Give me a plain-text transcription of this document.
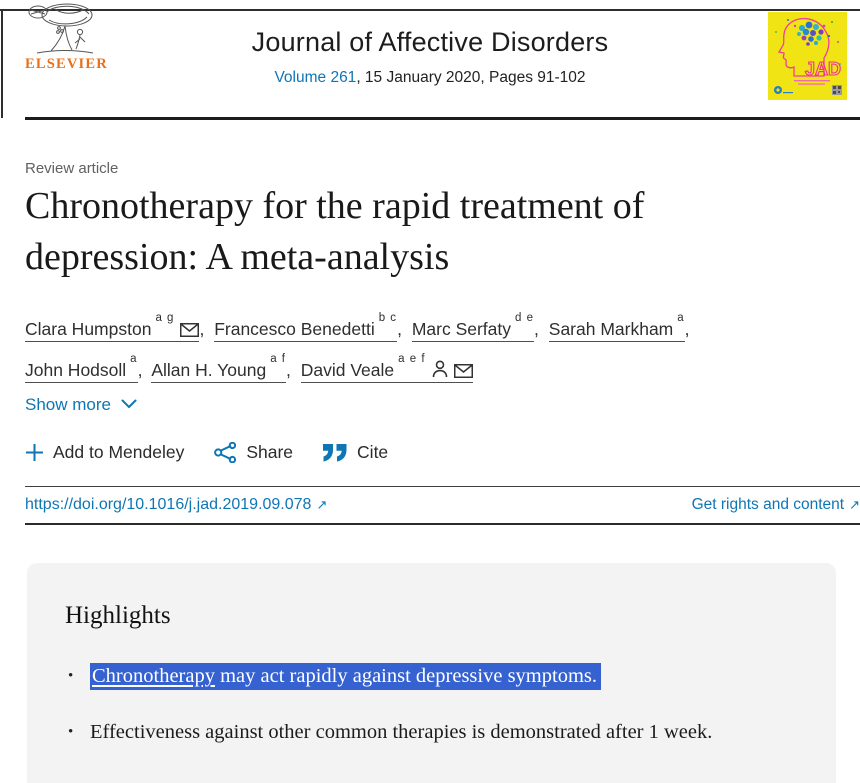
ELSEVIER
Journal of Affective Disorders
Volume 261, 15 January 2020, Pages 91-102	JAD
Review article
Chronotherapy for the rapid treatment of depression: A meta-analysis
Clara Humpston$^{a g}$, Francesco Benedetti$^{b c}$, Marc Serfaty$^{d e}$, Sarah Markham$^a$,
John Hodsoll$^a$, Allan H. Young$^{a f}$, David Veale$^{a e f}$
Show more
Add to Mendeley	Share	Cite
https://doi.org/10.1016/j.jad.2019.09.078 ↗	Get rights and content ↗
Highlights
• Chronotherapy may act rapidly against depressive symptoms.
• Effectiveness against other common therapies is demonstrated after 1 week.
